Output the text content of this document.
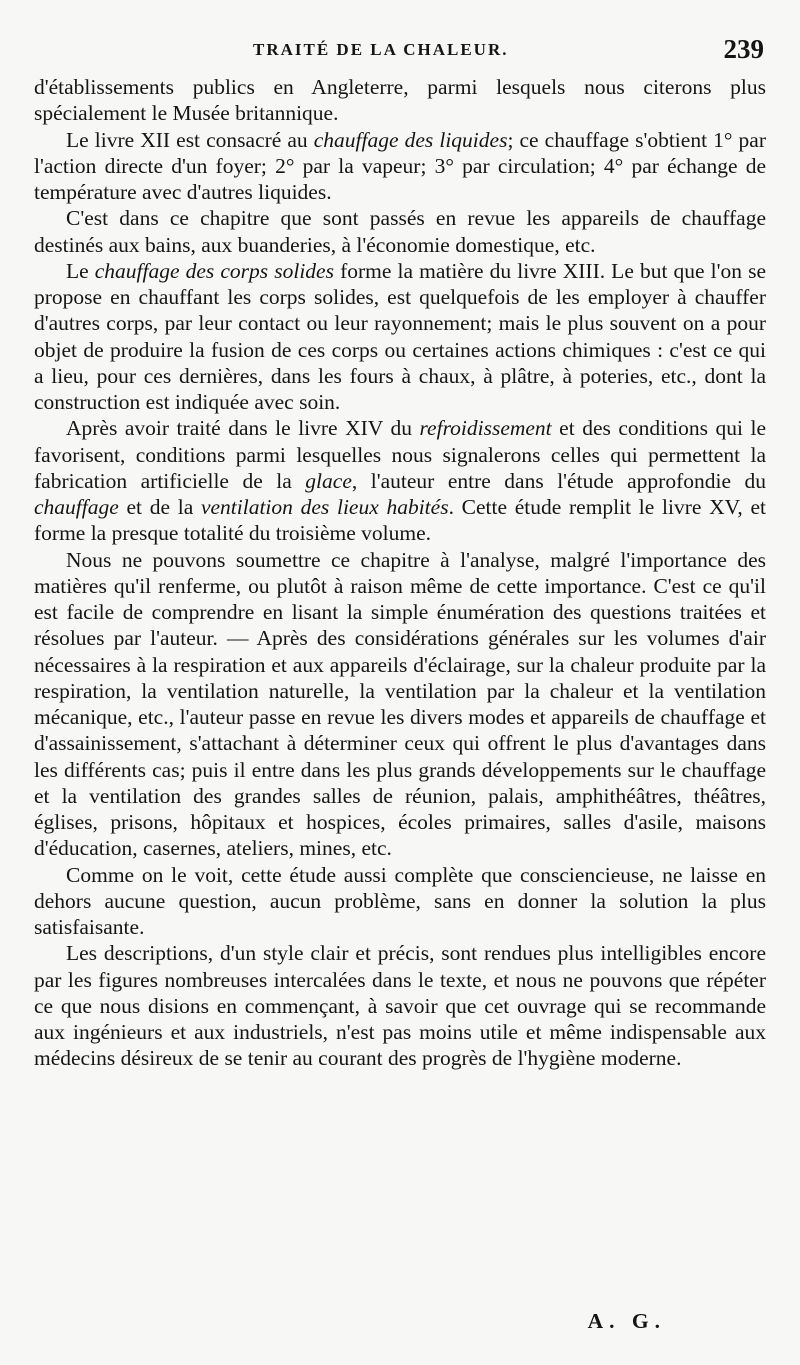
TRAITÉ DE LA CHALEUR.	239

d'établissements publics en Angleterre, parmi lesquels nous citerons plus spécialement le Musée britannique.

Le livre XII est consacré au chauffage des liquides; ce chauffage s'obtient 1° par l'action directe d'un foyer; 2° par la vapeur; 3° par circulation; 4° par échange de température avec d'autres liquides.

C'est dans ce chapitre que sont passés en revue les appareils de chauffage destinés aux bains, aux buanderies, à l'économie domestique, etc.

Le chauffage des corps solides forme la matière du livre XIII. Le but que l'on se propose en chauffant les corps solides, est quelquefois de les employer à chauffer d'autres corps, par leur contact ou leur rayonnement; mais le plus souvent on a pour objet de produire la fusion de ces corps ou certaines actions chimiques : c'est ce qui a lieu, pour ces dernières, dans les fours à chaux, à plâtre, à poteries, etc., dont la construction est indiquée avec soin.

Après avoir traité dans le livre XIV du refroidissement et des conditions qui le favorisent, conditions parmi lesquelles nous signalerons celles qui permettent la fabrication artificielle de la glace, l'auteur entre dans l'étude approfondie du chauffage et de la ventilation des lieux habités. Cette étude remplit le livre XV, et forme la presque totalité du troisième volume.

Nous ne pouvons soumettre ce chapitre à l'analyse, malgré l'importance des matières qu'il renferme, ou plutôt à raison même de cette importance. C'est ce qu'il est facile de comprendre en lisant la simple énumération des questions traitées et résolues par l'auteur. — Après des considérations générales sur les volumes d'air nécessaires à la respiration et aux appareils d'éclairage, sur la chaleur produite par la respiration, la ventilation naturelle, la ventilation par la chaleur et la ventilation mécanique, etc., l'auteur passe en revue les divers modes et appareils de chauffage et d'assainissement, s'attachant à déterminer ceux qui offrent le plus d'avantages dans les différents cas; puis il entre dans les plus grands développements sur le chauffage et la ventilation des grandes salles de réunion, palais, amphithéâtres, théâtres, églises, prisons, hôpitaux et hospices, écoles primaires, salles d'asile, maisons d'éducation, casernes, ateliers, mines, etc.

Comme on le voit, cette étude aussi complète que consciencieuse, ne laisse en dehors aucune question, aucun problème, sans en donner la solution la plus satisfaisante.

Les descriptions, d'un style clair et précis, sont rendues plus intelligibles encore par les figures nombreuses intercalées dans le texte, et nous ne pouvons que répéter ce que nous disions en commençant, à savoir que cet ouvrage qui se recommande aux ingénieurs et aux industriels, n'est pas moins utile et même indispensable aux médecins désireux de se tenir au courant des progrès de l'hygiène moderne.

A. G.
